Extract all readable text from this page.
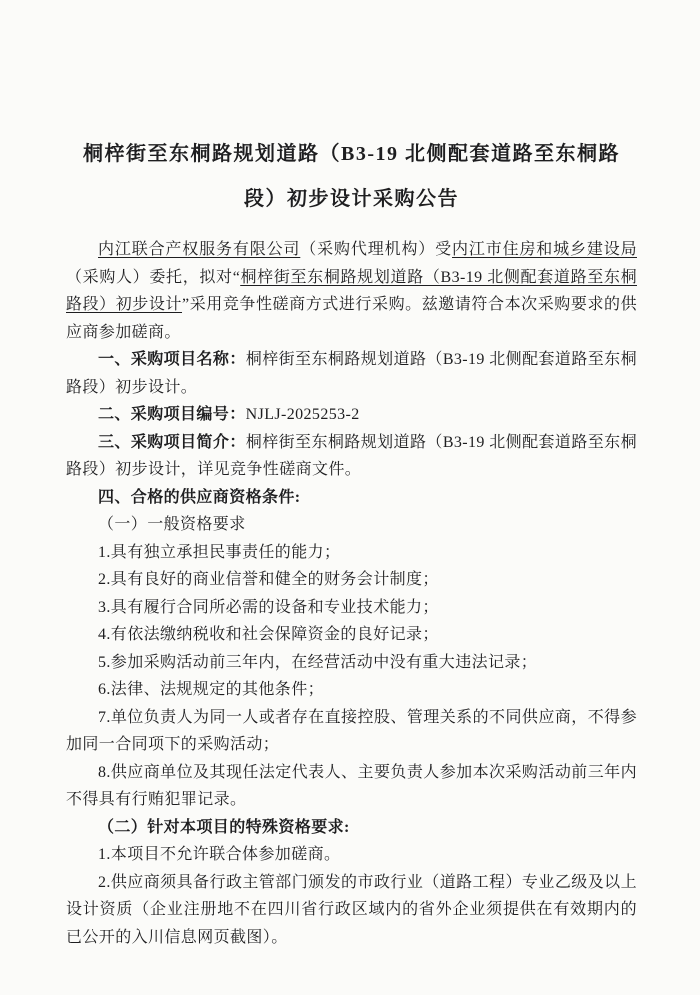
桐梓街至东桐路规划道路（B3-19 北侧配套道路至东桐路
段）初步设计采购公告

内江联合产权服务有限公司（采购代理机构）受内江市住房和城乡建设局（采购人）委托，拟对“桐梓街至东桐路规划道路（B3-19 北侧配套道路至东桐路段）初步设计”采用竞争性磋商方式进行采购。兹邀请符合本次采购要求的供应商参加磋商。

一、采购项目名称：桐梓街至东桐路规划道路（B3-19 北侧配套道路至东桐路段）初步设计。

二、采购项目编号：NJLJ-2025253-2

三、采购项目简介：桐梓街至东桐路规划道路（B3-19 北侧配套道路至东桐路段）初步设计，详见竞争性磋商文件。

四、合格的供应商资格条件:

（一）一般资格要求

1.具有独立承担民事责任的能力；

2.具有良好的商业信誉和健全的财务会计制度；

3.具有履行合同所必需的设备和专业技术能力；

4.有依法缴纳税收和社会保障资金的良好记录；

5.参加采购活动前三年内，在经营活动中没有重大违法记录；

6.法律、法规规定的其他条件；

7.单位负责人为同一人或者存在直接控股、管理关系的不同供应商，不得参加同一合同项下的采购活动；

8.供应商单位及其现任法定代表人、主要负责人参加本次采购活动前三年内不得具有行贿犯罪记录。

（二）针对本项目的特殊资格要求:

1.本项目不允许联合体参加磋商。

2.供应商须具备行政主管部门颁发的市政行业（道路工程）专业乙级及以上设计资质（企业注册地不在四川省行政区域内的省外企业须提供在有效期内的已公开的入川信息网页截图）。
